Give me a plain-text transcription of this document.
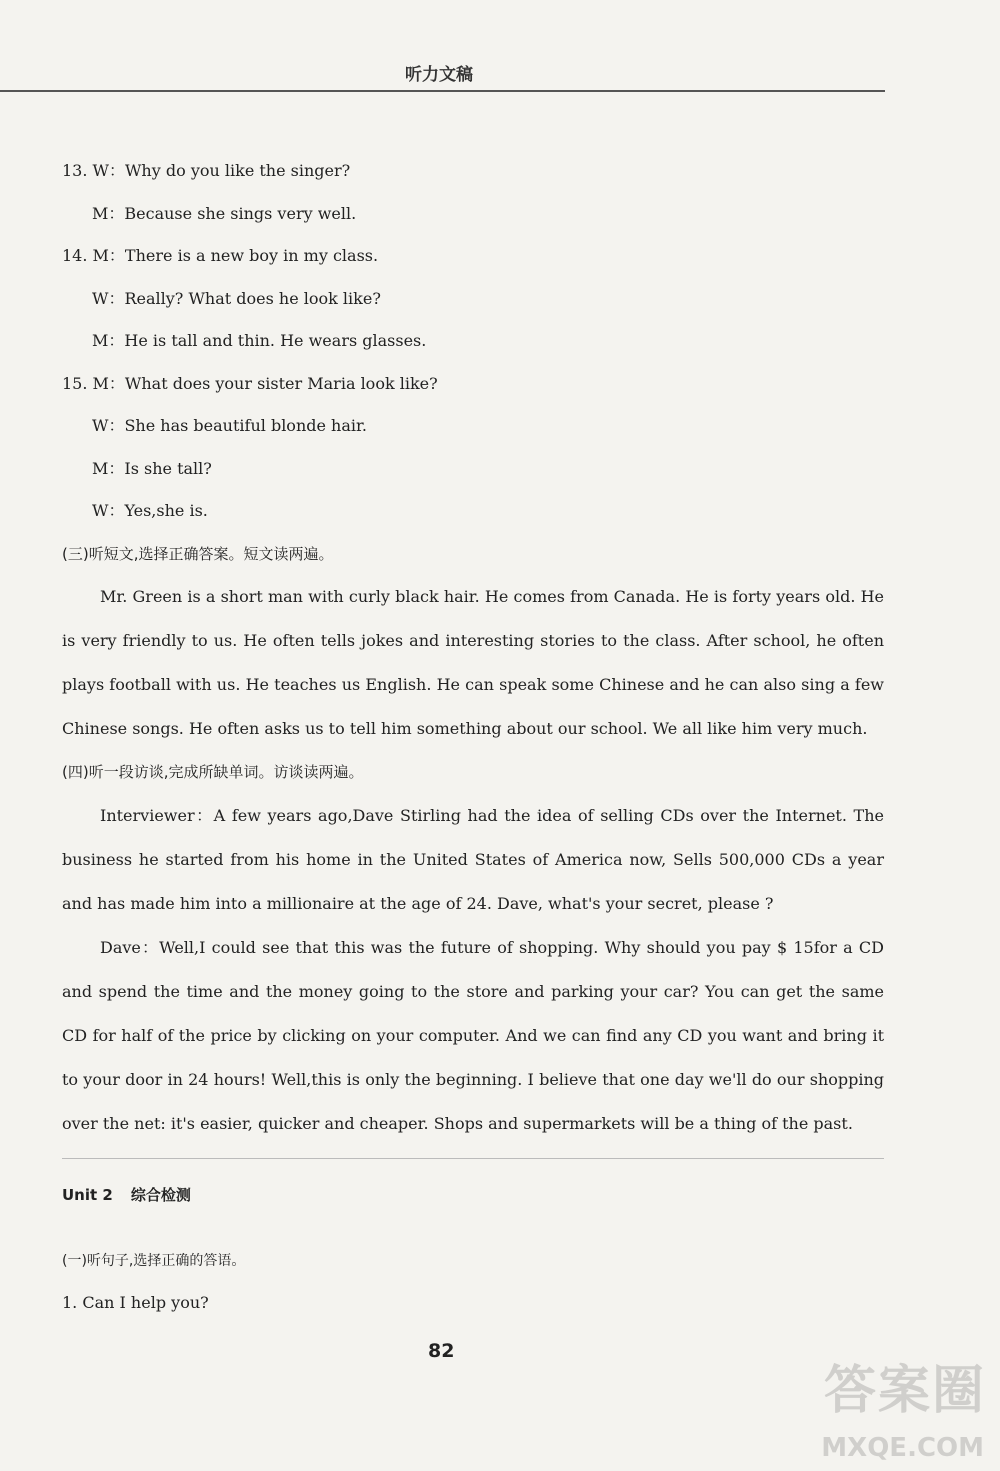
听力文稿
13. W：Why do you like the singer?
M：Because she sings very well.
14. M：There is a new boy in my class.
W：Really? What does he look like?
M：He is tall and thin. He wears glasses.
15. M：What does your sister Maria look like?
W：She has beautiful blonde hair.
M：Is she tall?
W：Yes,she is.
(三)听短文,选择正确答案。短文读两遍。

Mr. Green is a short man with curly black hair. He comes from Canada. He is forty years old. He is very friendly to us. He often tells jokes and interesting stories to the class. After school, he often plays football with us. He teaches us English. He can speak some Chinese and he can also sing a few Chinese songs. He often asks us to tell him something about our school. We all like him very much.

(四)听一段访谈,完成所缺单词。访谈读两遍。

Interviewer：A few years ago,Dave Stirling had the idea of selling CDs over the Internet. The business he started from his home in the United States of America now, Sells 500,000 CDs a year and has made him into a millionaire at the age of 24. Dave, what's your secret, please ?

Dave：Well,I could see that this was the future of shopping. Why should you pay $ 15for a CD and spend the time and the money going to the store and parking your car? You can get the same CD for half of the price by clicking on your computer. And we can find any CD you want and bring it to your door in 24 hours! Well,this is only the beginning. I believe that one day we'll do our shopping over the net: it's easier, quicker and cheaper. Shops and supermarkets will be a thing of the past.

Unit 2 综合检测
(一)听句子,选择正确的答语。
1. Can I help you?
82
答案圈
MXQE.COM
